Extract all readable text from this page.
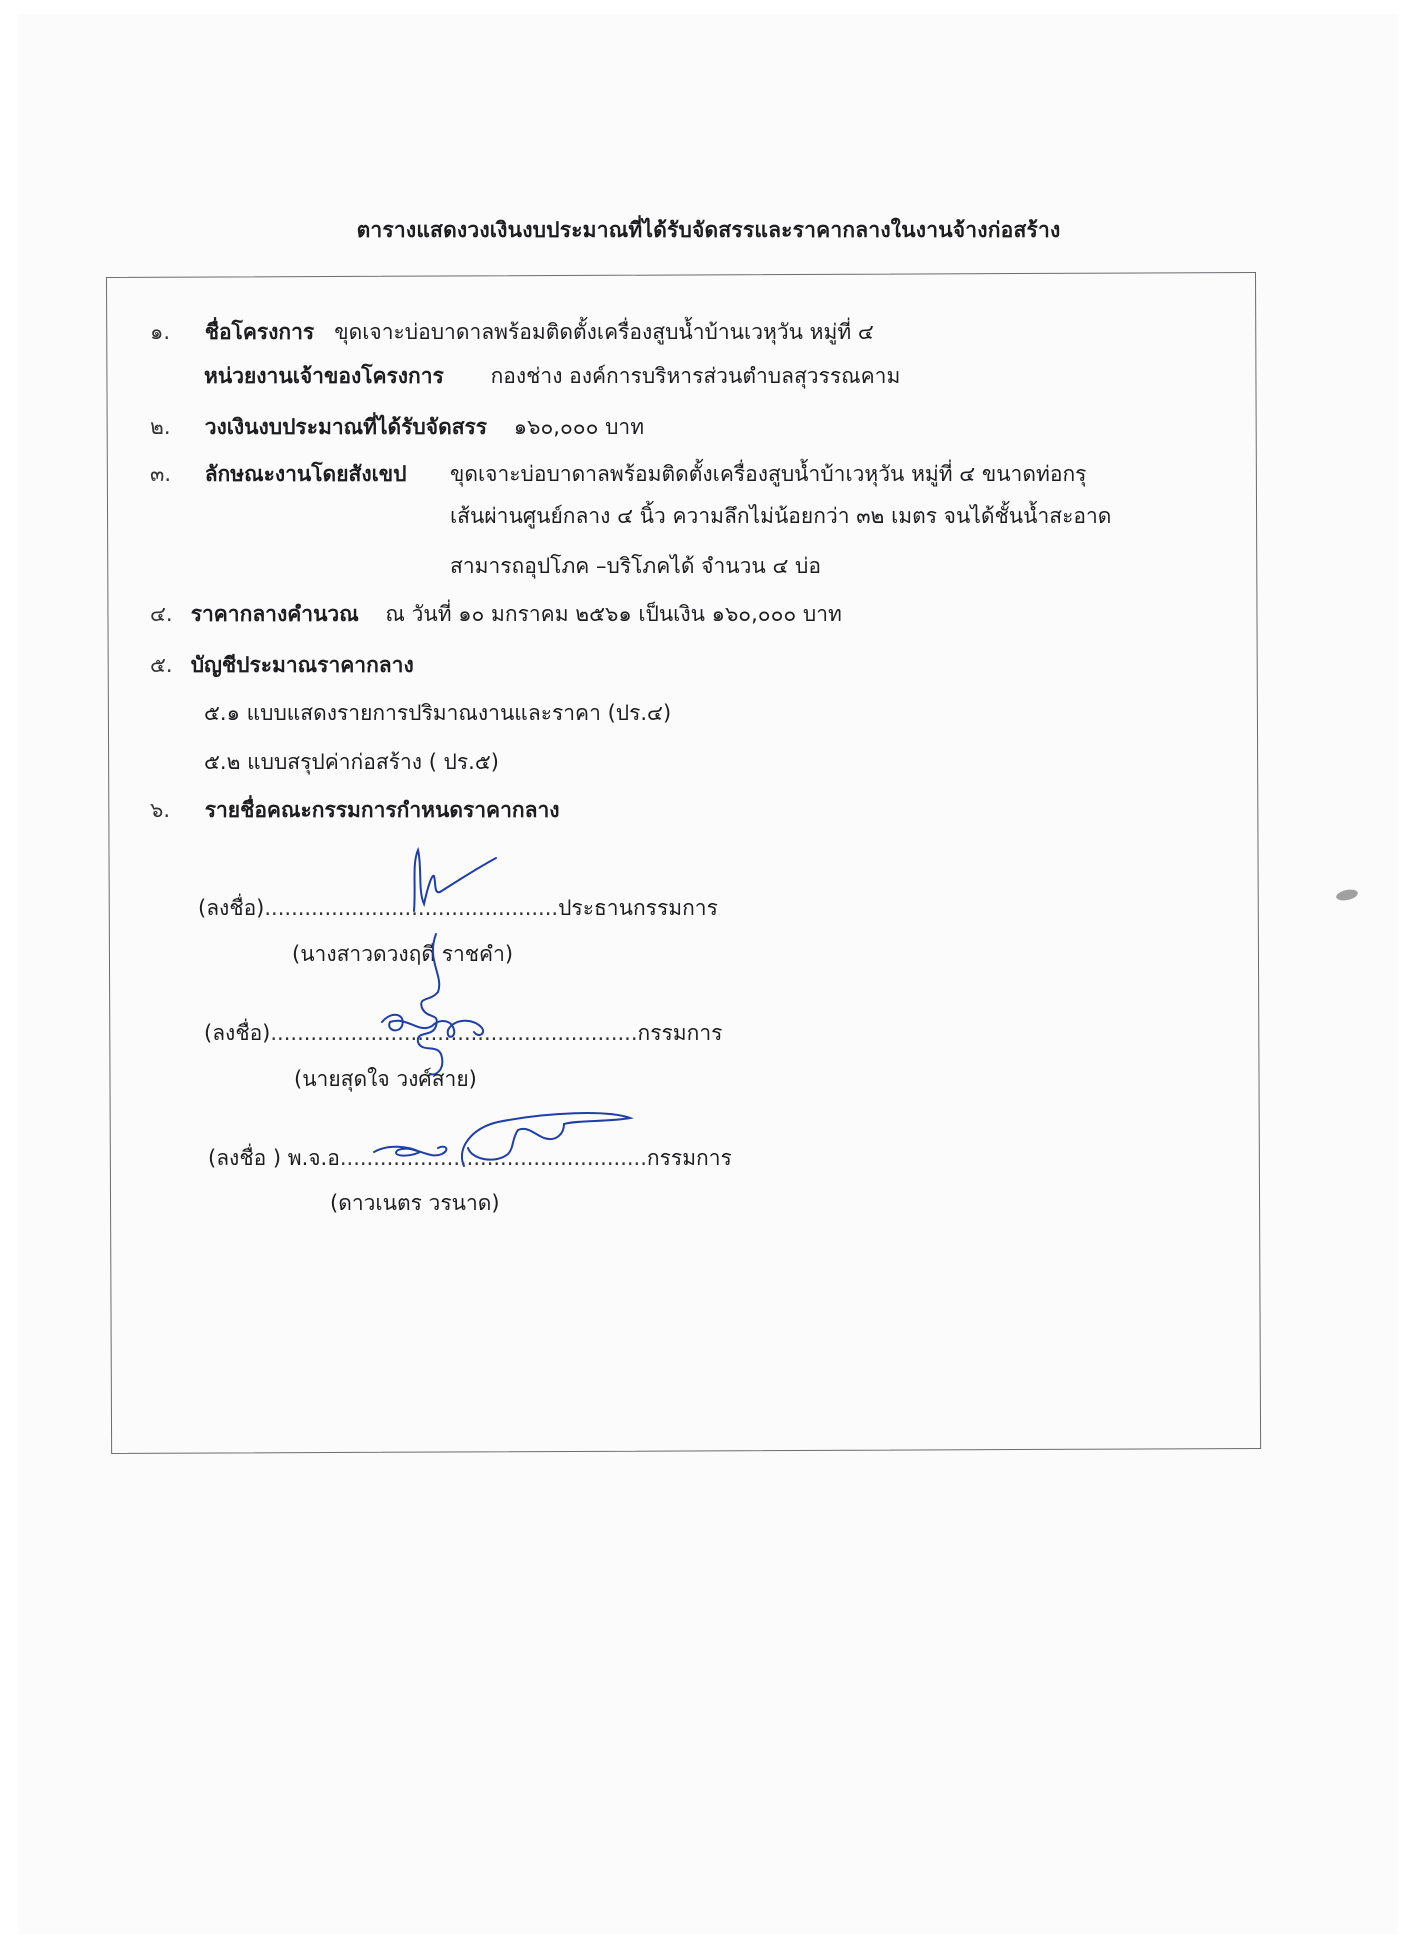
ตารางแสดงวงเงินงบประมาณที่ได้รับจัดสรรและราคากลางในงานจ้างก่อสร้าง
๑. ชื่อโครงการ ขุดเจาะบ่อบาดาลพร้อมติดตั้งเครื่องสูบน้ำบ้านเวหุวัน หมู่ที่ ๔
หน่วยงานเจ้าของโครงการ กองช่าง องค์การบริหารส่วนตำบลสุวรรณคาม
๒. วงเงินงบประมาณที่ได้รับจัดสรร ๑๖๐,๐๐๐ บาท
๓. ลักษณะงานโดยสังเขป ขุดเจาะบ่อบาดาลพร้อมติดตั้งเครื่องสูบน้ำบ้าเวหุวัน หมู่ที่ ๔ ขนาดท่อกรุ
เส้นผ่านศูนย์กลาง ๔ นิ้ว ความลึกไม่น้อยกว่า ๓๒ เมตร จนได้ชั้นน้ำสะอาด
สามารถอุปโภค –บริโภคได้ จำนวน ๔ บ่อ
๔. ราคากลางคำนวณ ณ วันที่ ๑๐ มกราคม ๒๕๖๑ เป็นเงิน ๑๖๐,๐๐๐ บาท
๕. บัญชีประมาณราคากลาง
๕.๑ แบบแสดงรายการปริมาณงานและราคา (ปร.๔)
๕.๒ แบบสรุปค่าก่อสร้าง ( ปร.๕)
๖. รายชื่อคณะกรรมการกำหนดราคากลาง
(ลงชื่อ)............................................ประธานกรรมการ
(นางสาวดวงฤดี ราชคำ)
(ลงชื่อ).......................................................กรรมการ
(นายสุดใจ วงศ์สาย)
(ลงชื่อ ) พ.จ.อ..............................................กรรมการ
(ดาวเนตร วรนาด)
